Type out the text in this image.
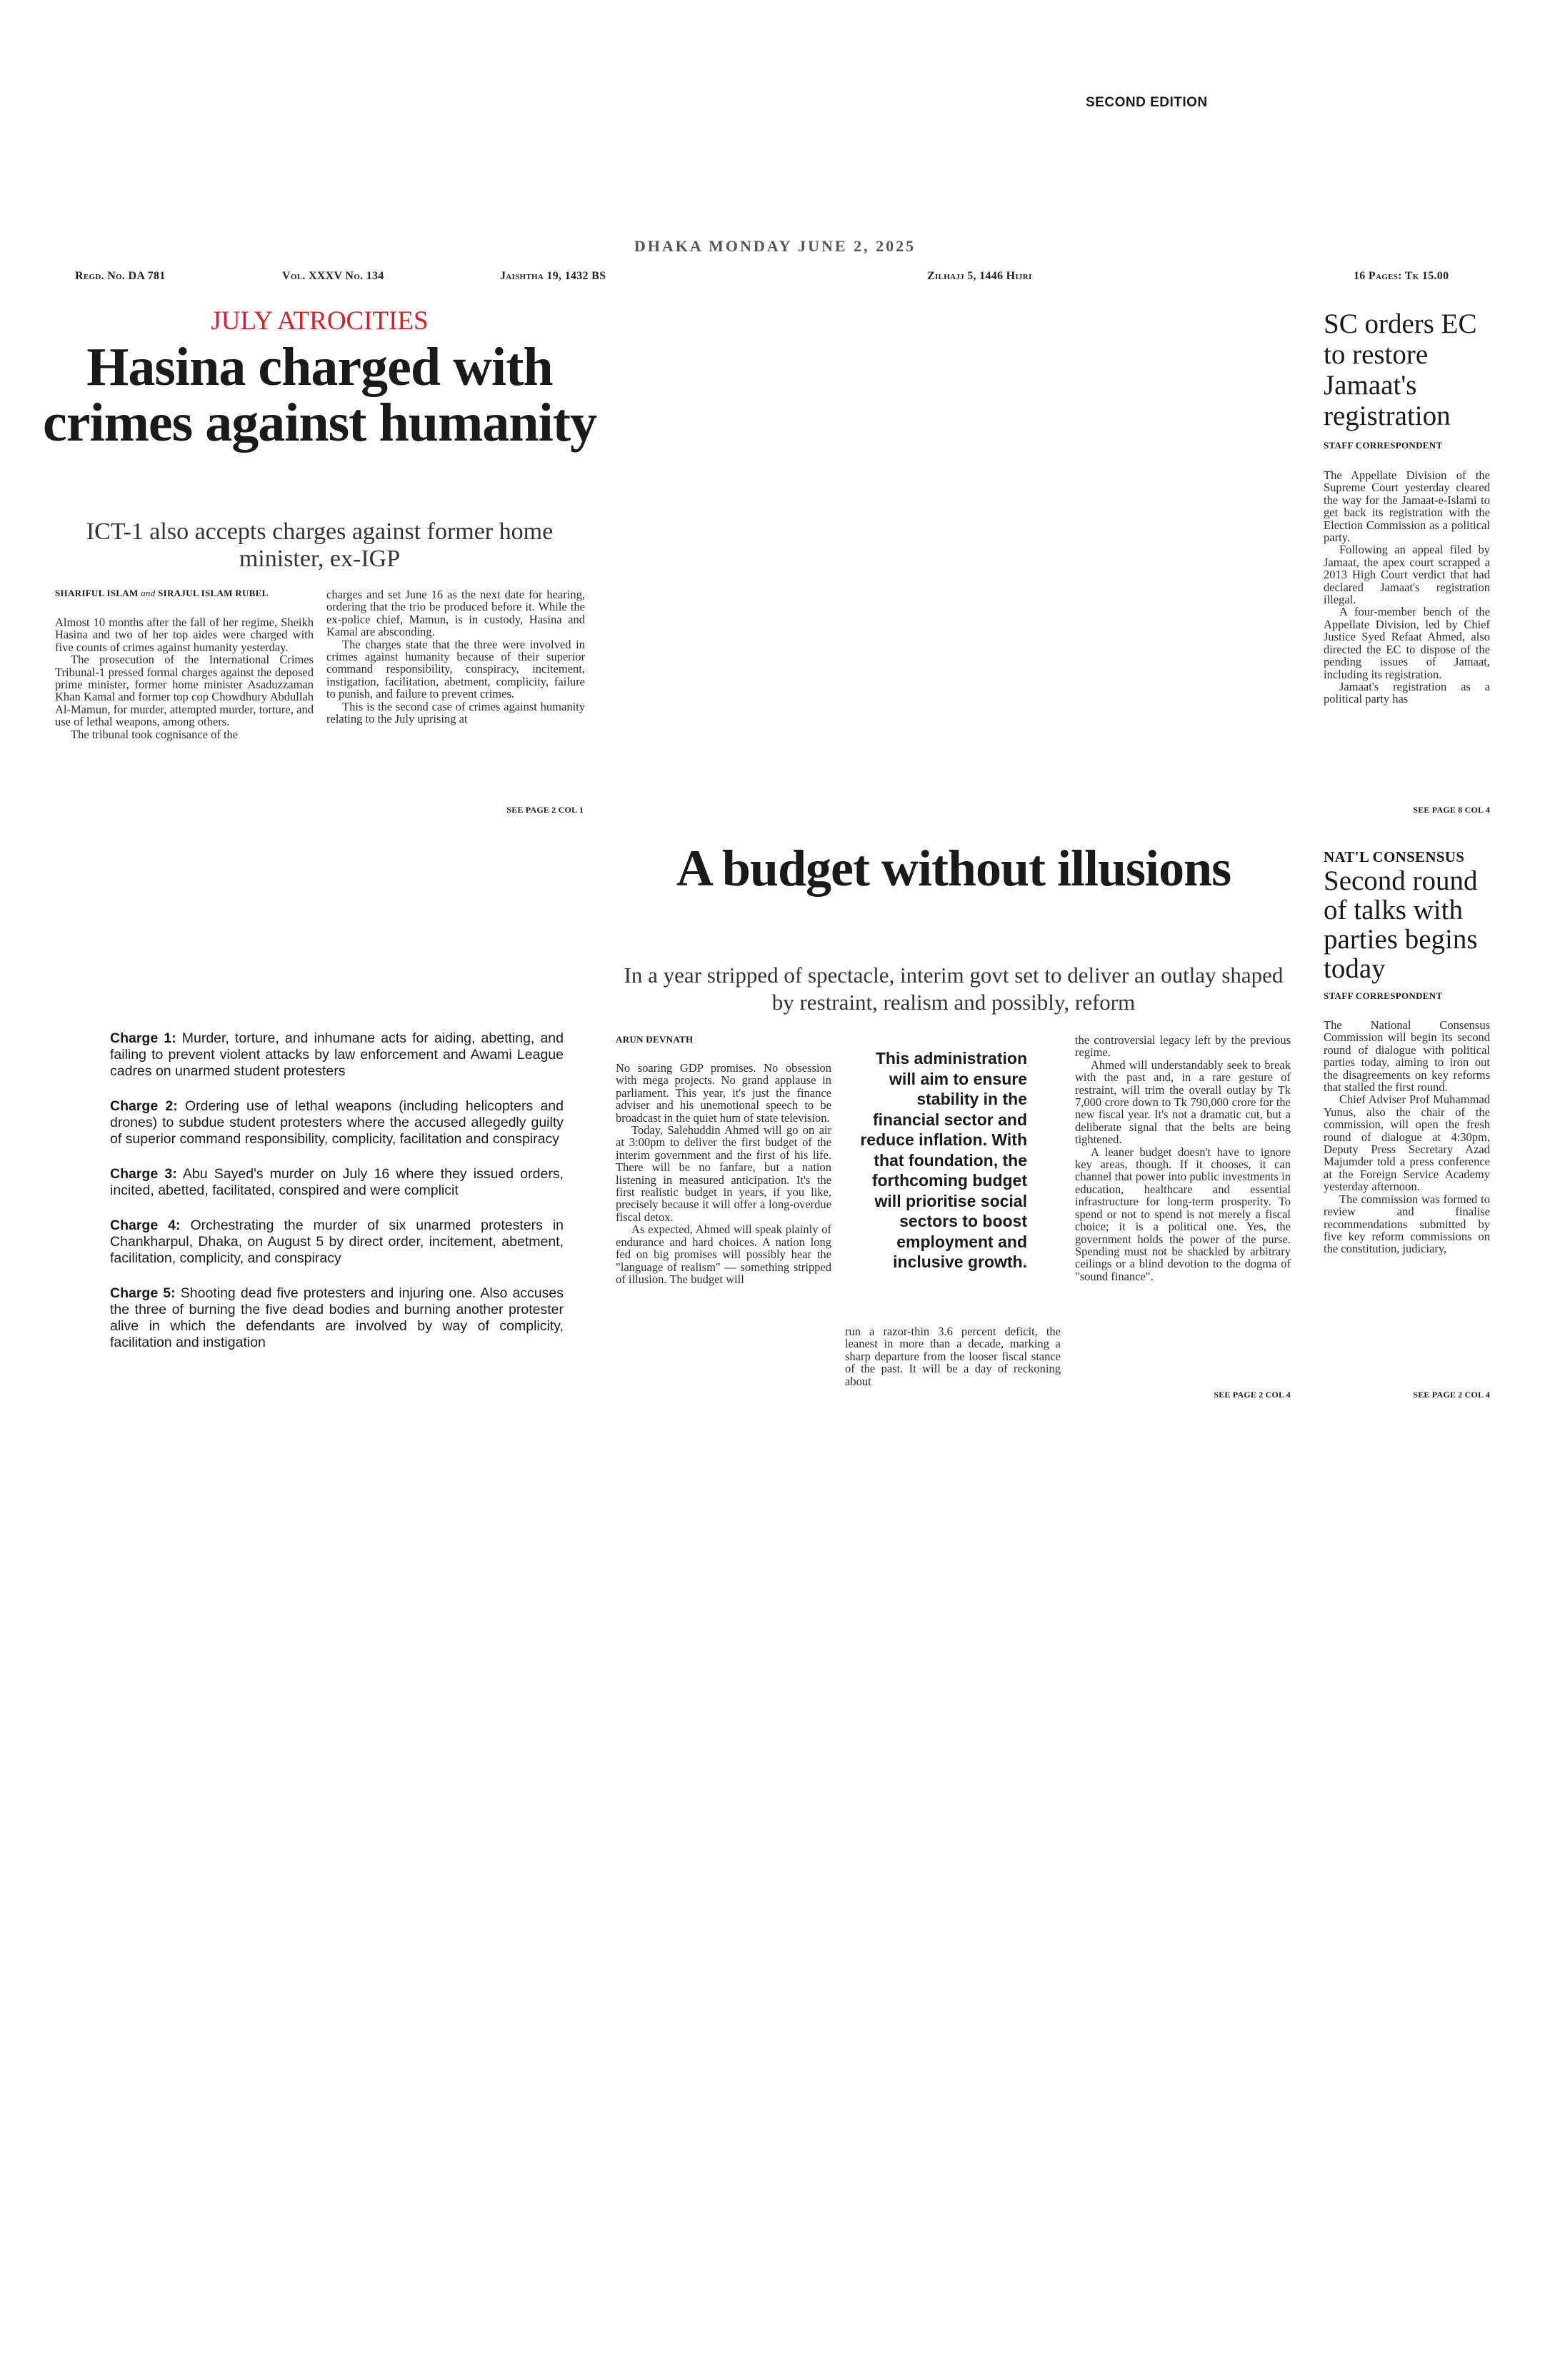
SECOND EDITION
DHAKA MONDAY JUNE 2, 2025
Regd. No. DA 781	Vol. XXXV No. 134	Jaishtha 19, 1432 BS	Zilhajj 5, 1446 Hijri	16 Pages: Tk 15.00
JULY ATROCITIES
Hasina charged with crimes against humanity
ICT-1 also accepts charges against former home minister, ex-IGP
SHARIFUL ISLAM and SIRAJUL ISLAM RUBEL

Almost 10 months after the fall of her regime, Sheikh Hasina and two of her top aides were charged with five counts of crimes against humanity yesterday.

The prosecution of the International Crimes Tribunal-1 pressed formal charges against the deposed prime minister, former home minister Asaduzzaman Khan Kamal and former top cop Chowdhury Abdullah Al-Mamun, for murder, attempted murder, torture, and use of lethal weapons, among others.

The tribunal took cognisance of the

charges and set June 16 as the next date for hearing, ordering that the trio be produced before it. While the ex-police chief, Mamun, is in custody, Hasina and Kamal are absconding.

The charges state that the three were involved in crimes against humanity because of their superior command responsibility, conspiracy, incitement, instigation, facilitation, abetment, complicity, failure to punish, and failure to prevent crimes.

This is the second case of crimes against humanity relating to the July uprising at

SEE PAGE 2 COL 1
SC orders EC to restore Jamaat's registration
STAFF CORRESPONDENT

The Appellate Division of the Supreme Court yesterday cleared the way for the Jamaat-e-Islami to get back its registration with the Election Commission as a political party.

Following an appeal filed by Jamaat, the apex court scrapped a 2013 High Court verdict that had declared Jamaat's registration illegal.

A four-member bench of the Appellate Division, led by Chief Justice Syed Refaat Ahmed, also directed the EC to dispose of the pending issues of Jamaat, including its registration.

Jamaat's registration as a political party has

SEE PAGE 8 COL 4
A budget without illusions
In a year stripped of spectacle, interim govt set to deliver an outlay shaped by restraint, realism and possibly, reform
ARUN DEVNATH

No soaring GDP promises. No obsession with mega projects. No grand applause in parliament. This year, it's just the finance adviser and his unemotional speech to be broadcast in the quiet hum of state television.

Today, Salehuddin Ahmed will go on air at 3:00pm to deliver the first budget of the interim government and the first of his life. There will be no fanfare, but a nation listening in measured anticipation. It's the first realistic budget in years, if you like, precisely because it will offer a long-overdue fiscal detox.

As expected, Ahmed will speak plainly of endurance and hard choices. A nation long fed on big promises will possibly hear the "language of realism" — something stripped of illusion. The budget will

This administration will aim to ensure stability in the financial sector and reduce inflation. With that foundation, the forthcoming budget will prioritise social sectors to boost employment and inclusive growth.

run a razor-thin 3.6 percent deficit, the leanest in more than a decade, marking a sharp departure from the looser fiscal stance of the past. It will be a day of reckoning about

the controversial legacy left by the previous regime.

Ahmed will understandably seek to break with the past and, in a rare gesture of restraint, will trim the overall outlay by Tk 7,000 crore down to Tk 790,000 crore for the new fiscal year. It's not a dramatic cut, but a deliberate signal that the belts are being tightened.

A leaner budget doesn't have to ignore key areas, though. If it chooses, it can channel that power into public investments in education, healthcare and essential infrastructure for long-term prosperity. To spend or not to spend is not merely a fiscal choice; it is a political one. Yes, the government holds the power of the purse. Spending must not be shackled by arbitrary ceilings or a blind devotion to the dogma of "sound finance".

SEE PAGE 2 COL 4
Charge 1: Murder, torture, and inhumane acts for aiding, abetting, and failing to prevent violent attacks by law enforcement and Awami League cadres on unarmed student protesters
Charge 2: Ordering use of lethal weapons (including helicopters and drones) to subdue student protesters where the accused allegedly guilty of superior command responsibility, complicity, facilitation and conspiracy
Charge 3: Abu Sayed's murder on July 16 where they issued orders, incited, abetted, facilitated, conspired and were complicit
Charge 4: Orchestrating the murder of six unarmed protesters in Chankharpul, Dhaka, on August 5 by direct order, incitement, abetment, facilitation, complicity, and conspiracy
Charge 5: Shooting dead five protesters and injuring one. Also accuses the three of burning the five dead bodies and burning another protester alive in which the defendants are involved by way of complicity, facilitation and instigation
NAT'L CONSENSUS
Second round of talks with parties begins today
STAFF CORRESPONDENT

The National Consensus Commission will begin its second round of dialogue with political parties today, aiming to iron out the disagreements on key reforms that stalled the first round.

Chief Adviser Prof Muhammad Yunus, also the chair of the commission, will open the fresh round of dialogue at 4:30pm, Deputy Press Secretary Azad Majumder told a press conference at the Foreign Service Academy yesterday afternoon.

The commission was formed to review and finalise recommendations submitted by five key reform commissions on the constitution, judiciary,

SEE PAGE 2 COL 4
